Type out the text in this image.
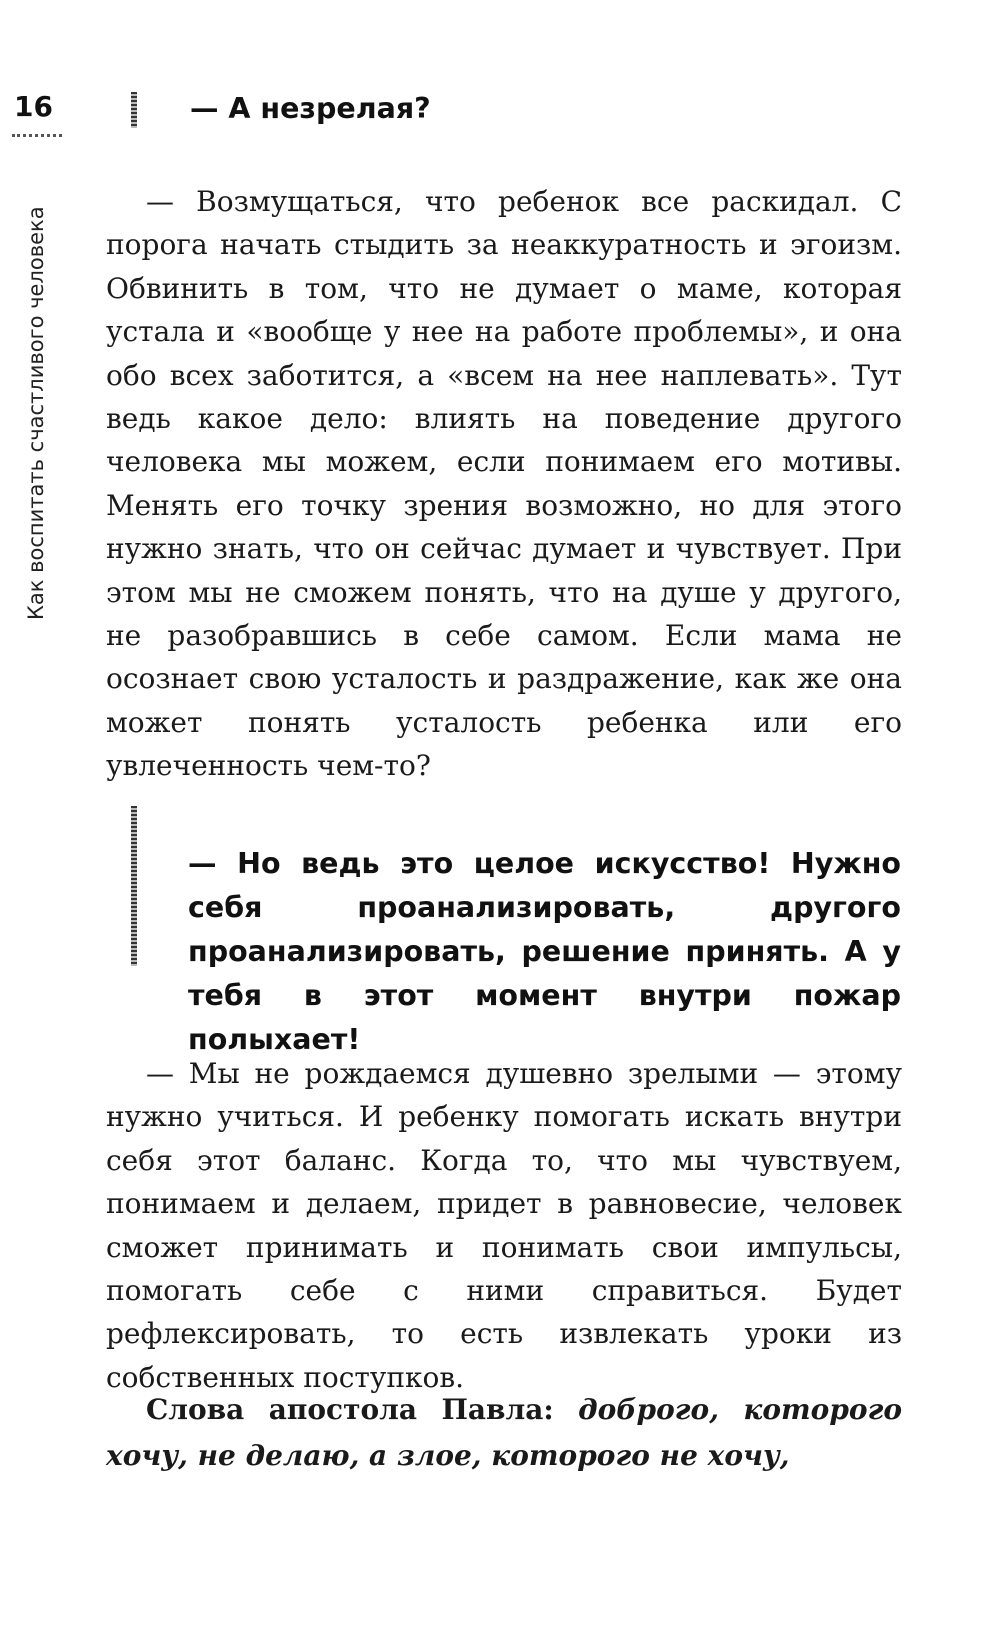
16
Как воспитать счастливого человека
— А незрелая?

— Возмущаться, что ребенок все раскидал. С порога начать стыдить за неаккуратность и эгоизм. Обвинить в том, что не думает о маме, которая устала и «вообще у нее на работе проблемы», и она обо всех заботится, а «всем на нее наплевать». Тут ведь какое дело: влиять на поведение другого человека мы можем, если понимаем его мотивы. Менять его точку зрения возможно, но для этого нужно знать, что он сейчас думает и чувствует. При этом мы не сможем понять, что на душе у другого, не разобравшись в себе самом. Если мама не осознает свою усталость и раздражение, как же она может понять усталость ребенка или его увлеченность чем-то?

— Но ведь это целое искусство! Нужно себя проанализировать, другого проанализировать, решение принять. А у тебя в этот момент внутри пожар полыхает!

— Мы не рождаемся душевно зрелыми — этому нужно учиться. И ребенку помогать искать внутри себя этот баланс. Когда то, что мы чувствуем, понимаем и делаем, придет в равновесие, человек сможет принимать и понимать свои импульсы, помогать себе с ними справиться. Будет рефлексировать, то есть извлекать уроки из собственных поступков.

Слова апостола Павла: доброго, которого хочу, не делаю, а злое, которого не хочу,
